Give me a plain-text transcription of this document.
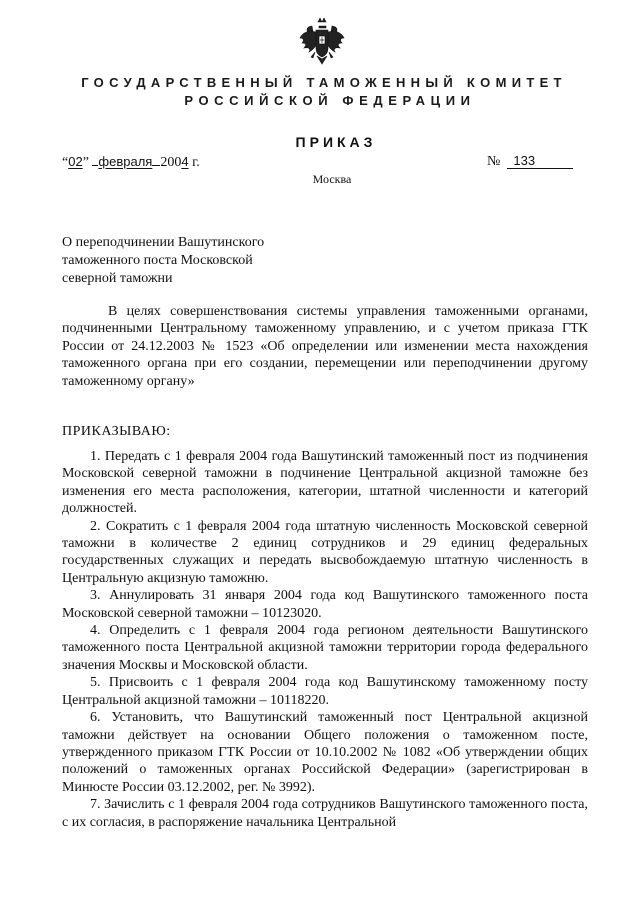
ГОСУДАРСТВЕННЫЙ ТАМОЖЕННЫЙ КОМИТЕТ
РОССИЙСКОЙ ФЕДЕРАЦИИ
ПРИКАЗ
“02” февраля 2004 г.	№ 133
Москва
О переподчинении Вашутинского
таможенного поста Московской
северной таможни
В целях совершенствования системы управления таможенными органами, подчиненными Центральному таможенному управлению, и с учетом приказа ГТК России от 24.12.2003 № 1523 «Об определении или изменении места нахождения таможенного органа при его создании, перемещении или переподчинении другому таможенному органу»
ПРИКАЗЫВАЮ:

1. Передать с 1 февраля 2004 года Вашутинский таможенный пост из подчинения Московской северной таможни в подчинение Центральной акцизной таможне без изменения его места расположения, категории, штатной численности и категорий должностей.

2. Сократить с 1 февраля 2004 года штатную численность Московской северной таможни в количестве 2 единиц сотрудников и 29 единиц федеральных государственных служащих и передать высвобождаемую штатную численность в Центральную акцизную таможню.

3. Аннулировать 31 января 2004 года код Вашутинского таможенного поста Московской северной таможни – 10123020.

4. Определить с 1 февраля 2004 года регионом деятельности Вашутинского таможенного поста Центральной акцизной таможни территории города федерального значения Москвы и Московской области.

5. Присвоить с 1 февраля 2004 года код Вашутинскому таможенному посту Центральной акцизной таможни – 10118220.

6. Установить, что Вашутинский таможенный пост Центральной акцизной таможни действует на основании Общего положения о таможенном посте, утвержденного приказом ГТК России от 10.10.2002 № 1082 «Об утверждении общих положений о таможенных органах Российской Федерации» (зарегистрирован в Минюсте России 03.12.2002, рег. № 3992).

7. Зачислить с 1 февраля 2004 года сотрудников Вашутинского таможенного поста, с их согласия, в распоряжение начальника Центральной
